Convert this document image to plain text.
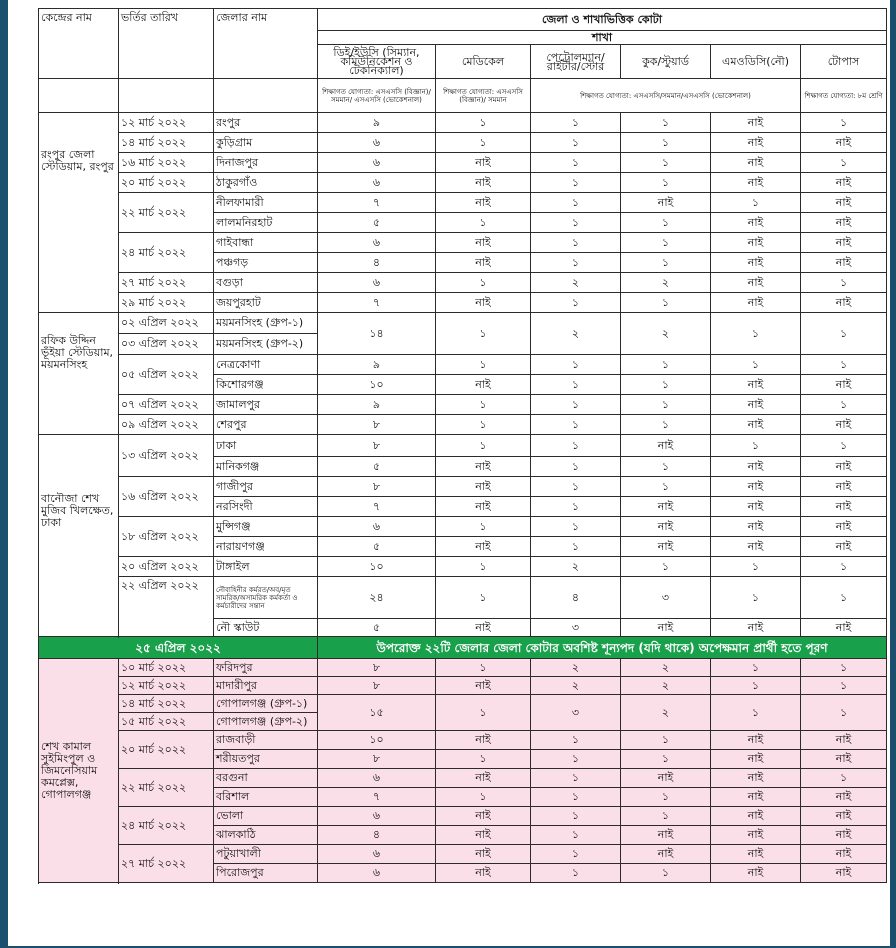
কেন্দ্রের নাম	ভর্তির তারিখ	জেলার নাম	জেলা ও শাখাভিত্তিক কোটা					
			শাখা					
			ডিই/ইউসি (সিম্যান, কমিউনিকেশন ও টেকনিক্যাল)	মেডিকেল	পেট্রোলম্যান/ রাইটার/স্টোর	কুক/স্টুয়ার্ড	এমওডিসি(নৌ)	টোপাস
			শিক্ষাগত যোগ্যতা: এসএসসি (বিজ্ঞান)/সমমান/ এসএসসি (ভোকেশনাল)	শিক্ষাগত যোগ্যতা: এসএসসি (বিজ্ঞান)/ সমমান	শিক্ষাগত যোগ্যতা: এসএসসি/সমমান/এসএসসি (ভোকেশনাল)			শিক্ষাগত যোগ্যতা: ৮ম শ্রেণি
রংপুর জেলা স্টেডিয়াম, রংপুর	১২ মার্চ ২০২২	রংপুর	৯	১	১	১	নাই	১
	১৪ মার্চ ২০২২	কুড়িগ্রাম	৬	১	১	১	নাই	নাই
	১৬ মার্চ ২০২২	দিনাজপুর	৬	নাই	১	১	নাই	১
	২০ মার্চ ২০২২	ঠাকুরগাঁও	৬	নাই	১	১	নাই	নাই
	২২ মার্চ ২০২২	নীলফামারী	৭	নাই	১	নাই	১	নাই
		লালমনিরহাট	৫	১	১	১	নাই	নাই
	২৪ মার্চ ২০২২	গাইবান্ধা	৬	নাই	১	১	নাই	নাই
		পঞ্চগড়	৪	নাই	১	১	নাই	নাই
	২৭ মার্চ ২০২২	বগুড়া	৬	১	২	২	নাই	১
	২৯ মার্চ ২০২২	জয়পুরহাট	৭	নাই	১	১	নাই	নাই

রফিক উদ্দিন ভূঁইয়া স্টেডিয়াম, ময়মনসিংহ	০২ এপ্রিল ২০২২	ময়মনসিংহ (গ্রুপ-১)	১৪	১	২	২	১	১
	০৩ এপ্রিল ২০২২	ময়মনসিংহ (গ্রুপ-২)						
	০৫ এপ্রিল ২০২২	নেত্রকোণা	৯	১	১	১	১	১
		কিশোরগঞ্জ	১০	নাই	১	১	নাই	নাই
	০৭ এপ্রিল ২০২২	জামালপুর	৯	১	১	১	নাই	১
	০৯ এপ্রিল ২০২২	শেরপুর	৮	১	১	১	নাই	নাই

বানৌজা শেখ মুজিব খিলক্ষেত, ঢাকা	১৩ এপ্রিল ২০২২	ঢাকা	৮	১	১	নাই	১	১
		মানিকগঞ্জ	৫	নাই	১	১	নাই	নাই
	১৬ এপ্রিল ২০২২	গাজীপুর	৮	নাই	১	১	নাই	নাই
		নরসিংদী	৭	নাই	১	নাই	নাই	নাই
	১৮ এপ্রিল ২০২২	মুন্সিগঞ্জ	৬	১	১	নাই	নাই	নাই
		নারায়ণগঞ্জ	৫	নাই	১	নাই	নাই	নাই
	২০ এপ্রিল ২০২২	টাঙ্গাইল	১০	১	২	১	১	১
	২২ এপ্রিল ২০২২	নৌবাহিনীর কর্মরত/অব/মৃত সামরিক/অসামরিক কর্মকর্তা ও কর্মচারীদের সন্তান	২৪	১	৪	৩	১	১
		নৌ স্কাউট	৫	নাই	৩	নাই	নাই	নাই

২৫ এপ্রিল ২০২২			উপরোক্ত ২২টি জেলার জেলা কোটার অবশিষ্ট শূন্যপদ (যদি থাকে) অপেক্ষমান প্রার্থী হতে পূরণ					
শেখ কামাল সুইমিংপুল ও জিমনেসিয়াম কমপ্লেক্স, গোপালগঞ্জ	১০ মার্চ ২০২২	ফরিদপুর	৮	১	২	২	১	১
	১২ মার্চ ২০২২	মাদারীপুর	৮	নাই	২	২	১	১
	১৪ মার্চ ২০২২	গোপালগঞ্জ (গ্রুপ-১)	১৫	১	৩	২	১	১
	১৫ মার্চ ২০২২	গোপালগঞ্জ (গ্রুপ-২)						
	২০ মার্চ ২০২২	রাজবাড়ী	১০	নাই	১	১	নাই	নাই
		শরীয়তপুর	৮	১	১	১	নাই	নাই
	২২ মার্চ ২০২২	বরগুনা	৬	নাই	১	নাই	নাই	১
		বরিশাল	৭	১	১	১	নাই	নাই
	২৪ মার্চ ২০২২	ভোলা	৬	নাই	১	১	নাই	নাই
		ঝালকাঠি	৪	নাই	১	নাই	নাই	নাই
	২৭ মার্চ ২০২২	পটুয়াখালী	৬	নাই	১	নাই	নাই	নাই
		পিরোজপুর	৬	নাই	১	১	নাই	নাই
